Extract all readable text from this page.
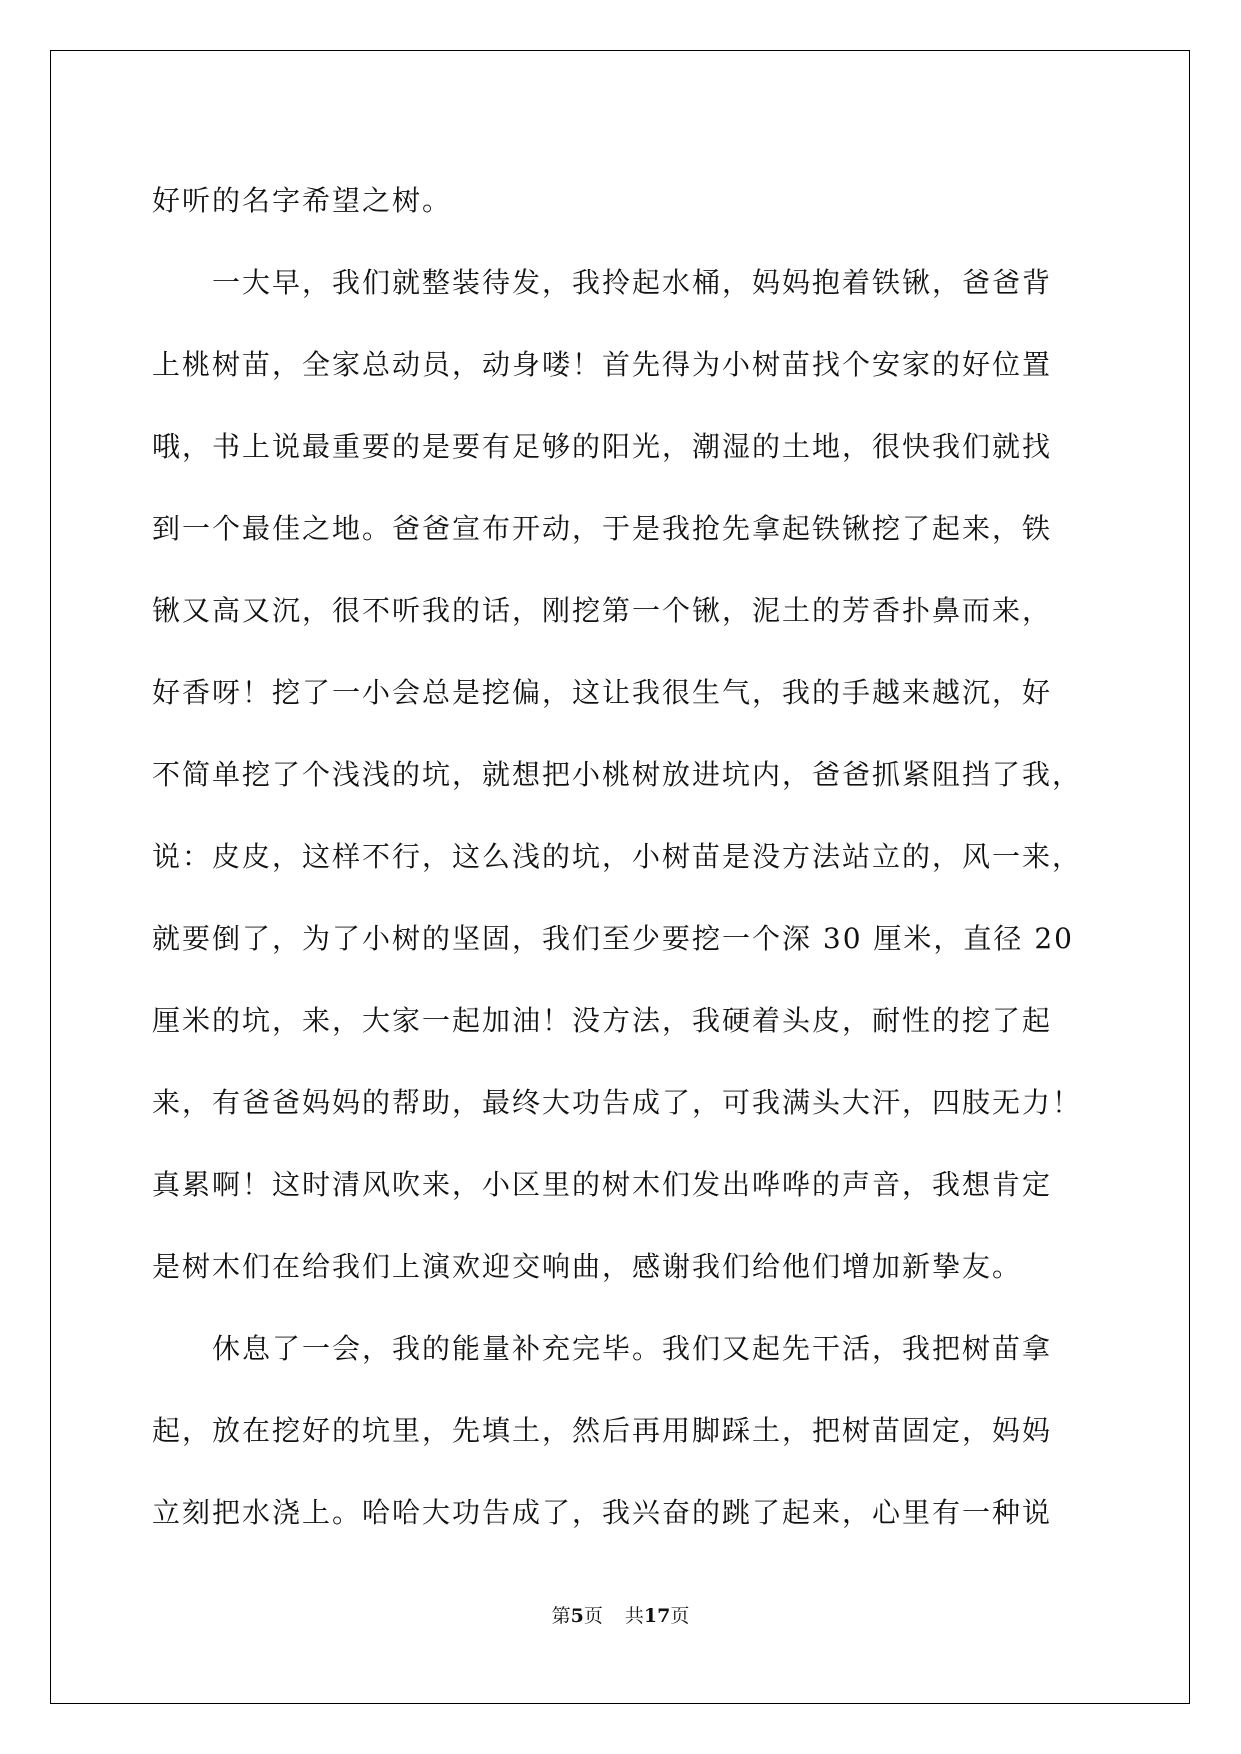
好听的名字希望之树。
　　一大早，我们就整装待发，我拎起水桶，妈妈抱着铁锹，爸爸背
上桃树苗，全家总动员，动身喽！首先得为小树苗找个安家的好位置
哦，书上说最重要的是要有足够的阳光，潮湿的土地，很快我们就找
到一个最佳之地。爸爸宣布开动，于是我抢先拿起铁锹挖了起来，铁
锹又高又沉，很不听我的话，刚挖第一个锹，泥土的芳香扑鼻而来，
好香呀！挖了一小会总是挖偏，这让我很生气，我的手越来越沉，好
不简单挖了个浅浅的坑，就想把小桃树放进坑内，爸爸抓紧阻挡了我，
说：皮皮，这样不行，这么浅的坑，小树苗是没方法站立的，风一来，
就要倒了，为了小树的坚固，我们至少要挖一个深 30 厘米，直径 20
厘米的坑，来，大家一起加油！没方法，我硬着头皮，耐性的挖了起
来，有爸爸妈妈的帮助，最终大功告成了，可我满头大汗，四肢无力！
真累啊！这时清风吹来，小区里的树木们发出哗哗的声音，我想肯定
是树木们在给我们上演欢迎交响曲，感谢我们给他们增加新挚友。
　　休息了一会，我的能量补充完毕。我们又起先干活，我把树苗拿
起，放在挖好的坑里，先填土，然后再用脚踩土，把树苗固定，妈妈
立刻把水浇上。哈哈大功告成了，我兴奋的跳了起来，心里有一种说
第5页 共17页
